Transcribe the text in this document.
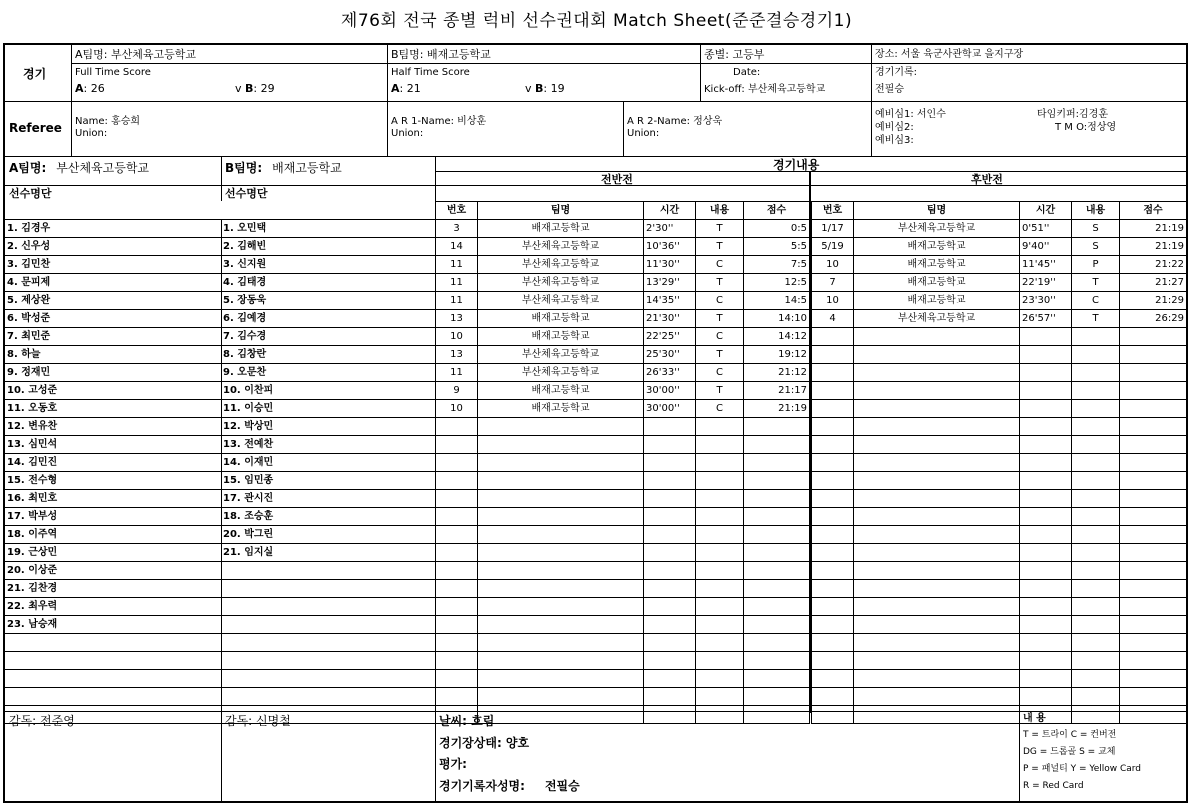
제76회 전국 종별 럭비 선수권대회 Match Sheet(준준결승경기1)
경기
A팀명: 부산체육고등학교	B팀명: 배재고등학교	종별: 고등부	장소: 서울 육군사관학교 을지구장
Full Time Score
A: 26	v B: 29
Half Time Score
A: 21	v B: 19
Date:
Kick-off: 부산체육고등학교
경기기록:
전필승
Referee Name: 홍승희
Union:
A R 1-Name: 비상훈
Union:
A R 2-Name: 정상욱
Union:
예비심1: 서인수
예비심2:
예비심3:
타임키퍼:김경훈
T M O:정상영
A팀명: 부산체육고등학교	B팀명: 배재고등학교	경기내용
전반전	후반전
선수명단	선수명단
번호	팀명	시간	내용	점수	번호	팀명	시간	내용	점수
1. 김경우
2. 신우성
3. 김민찬
4. 문피제
5. 제상완
6. 박성준
7. 최민준
8. 하늘
9. 정재민
10. 고성준
11. 오동호
12. 변유찬
13. 심민석
14. 김민진
15. 전수형
16. 최민호
17. 박부성
18. 이주역
19. 근상민
20. 이상준
21. 김찬경
22. 최우력
23. 남승재

1. 오민택
2. 김해빈
3. 신지원
4. 김태경
5. 장동욱
6. 김예경
7. 김수경
8. 김창란
9. 오문찬
10. 이찬피
11. 이승민
12. 박상민
13. 전예찬
14. 이재민
15. 임민종
17. 관시진
18. 조승훈
20. 박그린
21. 임지실

3	배재고등학교	2'30''	T	0:5
14	부산체육고등학교	10'36''	T	5:5
11	부산체육고등학교	11'30''	C	7:5
11	부산체육고등학교	13'29''	T	12:5
11	부산체육고등학교	14'35''	C	14:5
13	배재고등학교	21'30''	T	14:10
10	배재고등학교	22'25''	C	14:12
13	부산체육고등학교	25'30''	T	19:12
11	부산체육고등학교	26'33''	C	21:12
9	배재고등학교	30'00''	T	21:17
10	배재고등학교	30'00''	C	21:19

1/17	부산체육고등학교	0'51''	S	21:19
5/19	배재고등학교	9'40''	S	21:19
10	배재고등학교	11'45''	P	21:22
7	배재고등학교	22'19''	T	21:27
10	배재고등학교	23'30''	C	21:29
4	부산체육고등학교	26'57''	T	26:29

감독: 전준영	감독: 신명철	날씨: 흐림
경기장상태: 양호
평가:
경기기록자성명: 전필승
내 용
T = 트라이 C = 컨버전
DG = 드롭골 S = 교체
P = 패널티 Y = Yellow Card
R = Red Card
